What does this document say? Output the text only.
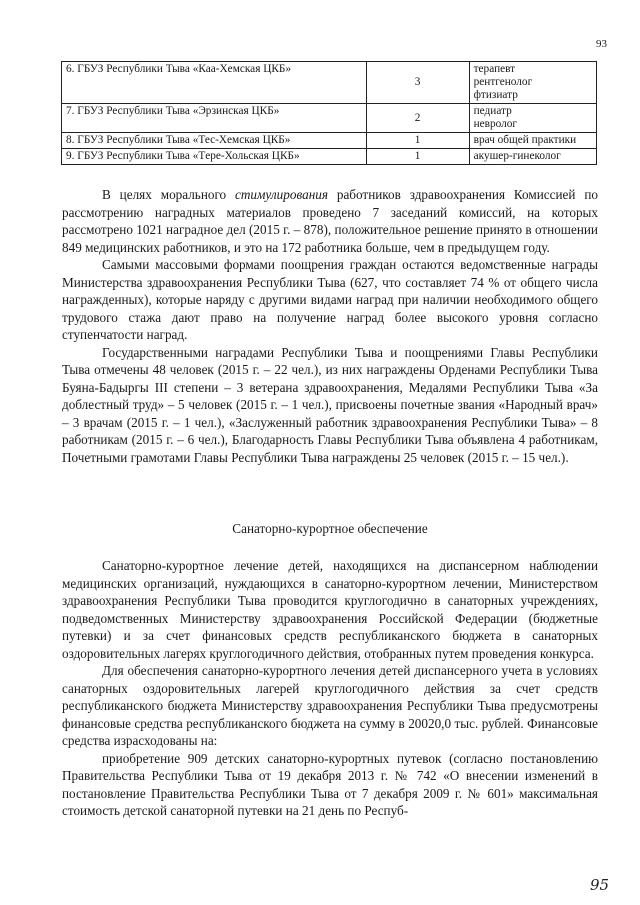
93
6. ГБУЗ Республики Тыва «Каа-Хемская ЦКБ»	3	терапевт
рентгенолог
фтизиатр

7. ГБУЗ Республики Тыва «Эрзинская ЦКБ»	2	педиатр
невролог

8. ГБУЗ Республики Тыва «Тес-Хемская ЦКБ»	1	врач общей практики

9. ГБУЗ Республики Тыва «Tере-Хольская ЦКБ»	1	акушер-гинеколог

В целях морального стимулирования работников здравоохранения Комиссией по рассмотрению наградных материалов проведено 7 заседаний комиссий, на которых рассмотрено 1021 наградное дел (2015 г. – 878), положительное решение принято в отношении 849 медицинских работников, и это на 172 работника больше, чем в предыдущем году.

Самыми массовыми формами поощрения граждан остаются ведомственные награды Министерства здравоохранения Республики Тыва (627, что составляет 74 % от общего числа награжденных), которые наряду с другими видами наград при наличии необходимого общего трудового стажа дают право на получение наград более высокого уровня согласно ступенчатости наград.

Государственными наградами Республики Тыва и поощрениями Главы Республики Тыва отмечены 48 человек (2015 г. – 22 чел.), из них награждены Орденами Республики Тыва Буяна-Бадыргы III степени – 3 ветерана здравоохранения, Медалями Республики Тыва «За доблестный труд» – 5 человек (2015 г. – 1 чел.), присвоены почетные звания «Народный врач» – 3 врачам (2015 г. – 1 чел.), «Заслуженный работник здравоохранения Республики Тыва» – 8 работникам (2015 г. – 6 чел.), Благодарность Главы Республики Тыва объявлена 4 работникам, Почетными грамотами Главы Республики Тыва награждены 25 человек (2015 г. – 15 чел.).

Санаторно-курортное обеспечение

Санаторно-курортное лечение детей, находящихся на диспансерном наблюдении медицинских организаций, нуждающихся в санаторно-курортном лечении, Министерством здравоохранения Республики Тыва проводится круглогодично в санаторных учреждениях, подведомственных Министерству здравоохранения Российской Федерации (бюджетные путевки) и за счет финансовых средств республиканского бюджета в санаторных оздоровительных лагерях круглогодичного действия, отобранных путем проведения конкурса.

Для обеспечения санаторно-курортного лечения детей диспансерного учета в условиях санаторных оздоровительных лагерей круглогодичного действия за счет средств республиканского бюджета Министерству здравоохранения Республики Тыва предусмотрены финансовые средства республиканского бюджета на сумму в 20020,0 тыс. рублей. Финансовые средства израсходованы на:

приобретение 909 детских санаторно-курортных путевок (согласно постановлению Правительства Республики Тыва от 19 декабря 2013 г. № 742 «О внесении изменений в постановление Правительства Республики Тыва от 7 декабря 2009 г. № 601» максимальная стоимость детской санаторной путевки на 21 день по Респуб-

95
